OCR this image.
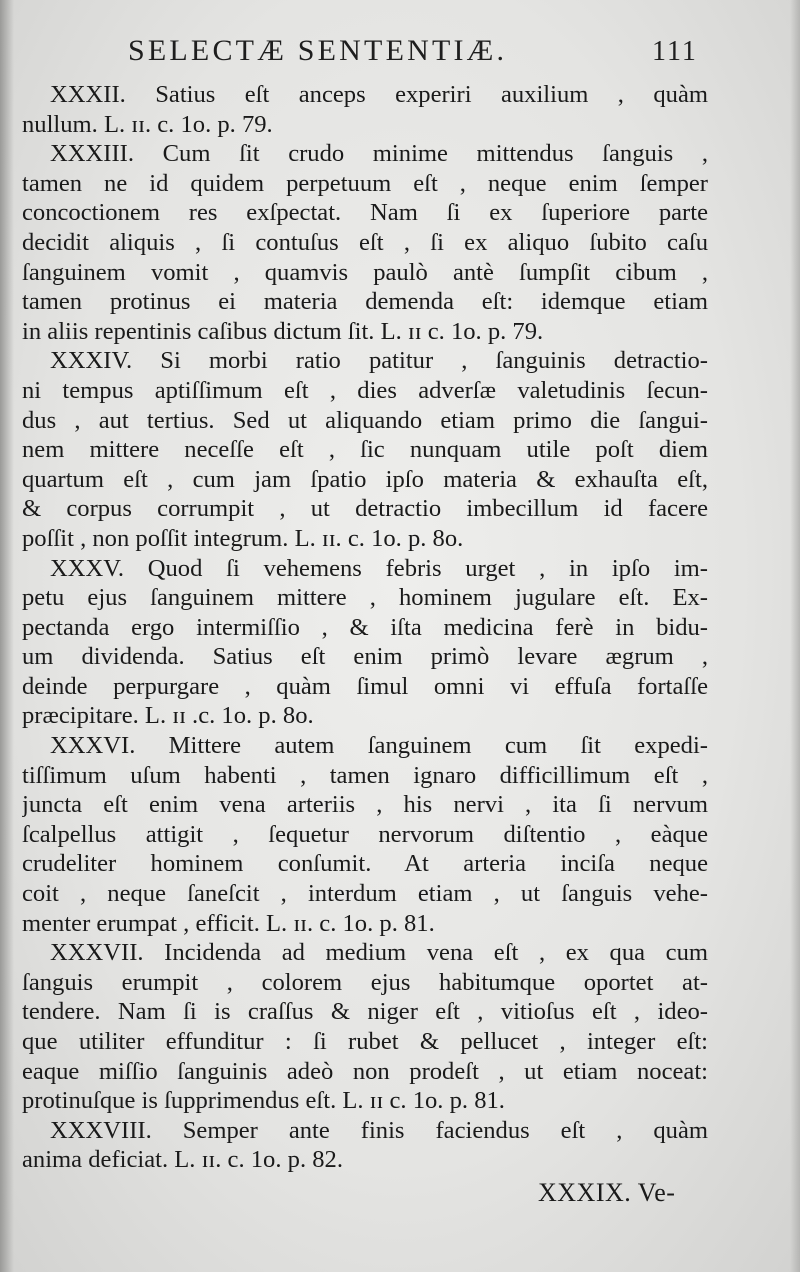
SELECTÆ SENTENTIÆ.	111
XXXII. Satius eſt anceps experiri auxilium , quàm
nullum. L. ɪɪ. c. 1o. p. 79.
XXXIII. Cum ſit crudo minime mittendus ſanguis ,
tamen ne id quidem perpetuum eſt , neque enim ſemper
concoctionem res exſpectat. Nam ſi ex ſuperiore parte
decidit aliquis , ſi contuſus eſt , ſi ex aliquo ſubito caſu
ſanguinem vomit , quamvis paulò antè ſumpſit cibum ,
tamen protinus ei materia demenda eſt: idemque etiam
in aliis repentinis caſibus dictum ſit. L. ɪɪ c. 1o. p. 79.
XXXIV. Si morbi ratio patitur , ſanguinis detractio-
ni tempus aptiſſimum eſt , dies adverſæ valetudinis ſecun-
dus , aut tertius. Sed ut aliquando etiam primo die ſangui-
nem mittere neceſſe eſt , ſic nunquam utile poſt diem
quartum eſt , cum jam ſpatio ipſo materia & exhauſta eſt,
& corpus corrumpit , ut detractio imbecillum id facere
poſſit , non poſſit integrum. L. ɪɪ. c. 1o. p. 8o.
XXXV. Quod ſi vehemens febris urget , in ipſo im-
petu ejus ſanguinem mittere , hominem jugulare eſt. Ex-
pectanda ergo intermiſſio , & iſta medicina ferè in bidu-
um dividenda. Satius eſt enim primò levare ægrum ,
deinde perpurgare , quàm ſimul omni vi effuſa fortaſſe
præcipitare. L. ɪɪ .c. 1o. p. 8o.
XXXVI. Mittere autem ſanguinem cum ſit expedi-
tiſſimum uſum habenti , tamen ignaro difficillimum eſt ,
juncta eſt enim vena arteriis , his nervi , ita ſi nervum
ſcalpellus attigit , ſequetur nervorum diſtentio , eàque
crudeliter hominem conſumit. At arteria inciſa neque
coit , neque ſaneſcit , interdum etiam , ut ſanguis vehe-
menter erumpat , efficit. L. ɪɪ. c. 1o. p. 81.
XXXVII. Incidenda ad medium vena eſt , ex qua cum
ſanguis erumpit , colorem ejus habitumque oportet at-
tendere. Nam ſi is craſſus & niger eſt , vitioſus eſt , ideo-
que utiliter effunditur : ſi rubet & pellucet , integer eſt:
eaque miſſio ſanguinis adeò non prodeſt , ut etiam noceat:
protinuſque is ſupprimendus eſt. L. ɪɪ c. 1o. p. 81.
XXXVIII. Semper ante finis faciendus eſt , quàm
anima deficiat. L. ɪɪ. c. 1o. p. 82.
XXXIX. Ve-
